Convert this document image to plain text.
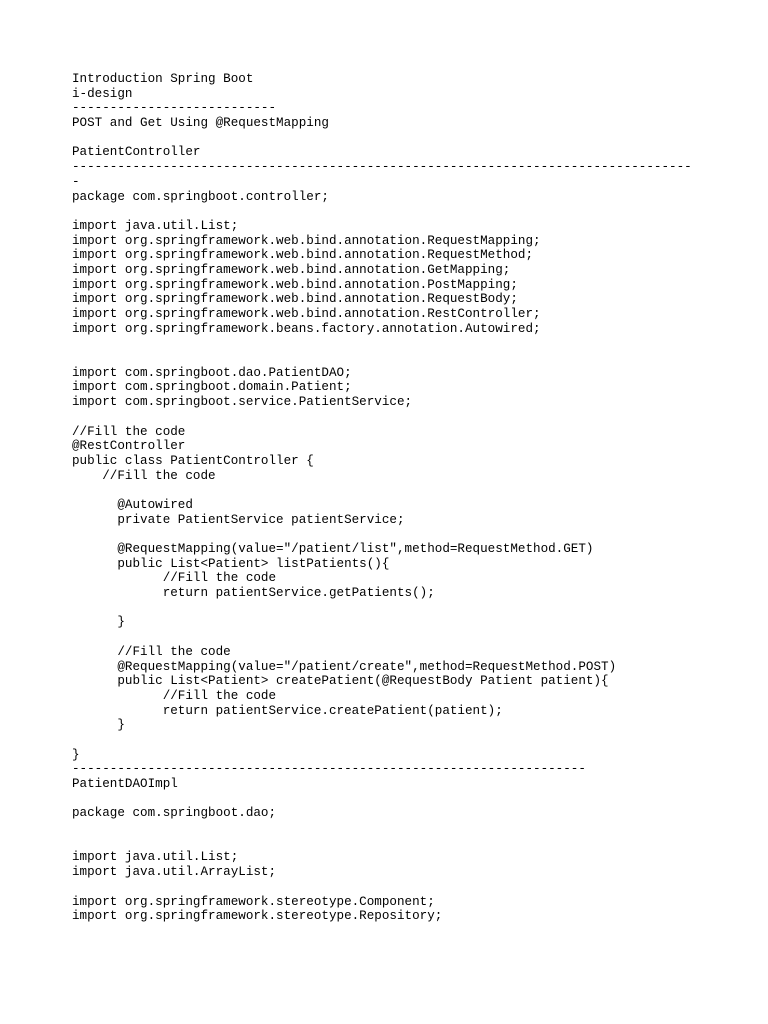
Introduction Spring Boot
i-design
---------------------------
POST and Get Using @RequestMapping
PatientController
----------------------------------------------------------------------------------
-
package com.springboot.controller;
import java.util.List;
import org.springframework.web.bind.annotation.RequestMapping;
import org.springframework.web.bind.annotation.RequestMethod;
import org.springframework.web.bind.annotation.GetMapping;
import org.springframework.web.bind.annotation.PostMapping;
import org.springframework.web.bind.annotation.RequestBody;
import org.springframework.web.bind.annotation.RestController;
import org.springframework.beans.factory.annotation.Autowired;
import com.springboot.dao.PatientDAO;
import com.springboot.domain.Patient;
import com.springboot.service.PatientService;
//Fill the code
@RestController
public class PatientController {
//Fill the code
@Autowired
private PatientService patientService;
@RequestMapping(value="/patient/list",method=RequestMethod.GET)
public List<Patient> listPatients(){
//Fill the code
return patientService.getPatients();
}
//Fill the code
@RequestMapping(value="/patient/create",method=RequestMethod.POST)
public List<Patient> createPatient(@RequestBody Patient patient){
//Fill the code
return patientService.createPatient(patient);
}
}
--------------------------------------------------------------------
PatientDAOImpl
package com.springboot.dao;
import java.util.List;
import java.util.ArrayList;
import org.springframework.stereotype.Component;
import org.springframework.stereotype.Repository;
